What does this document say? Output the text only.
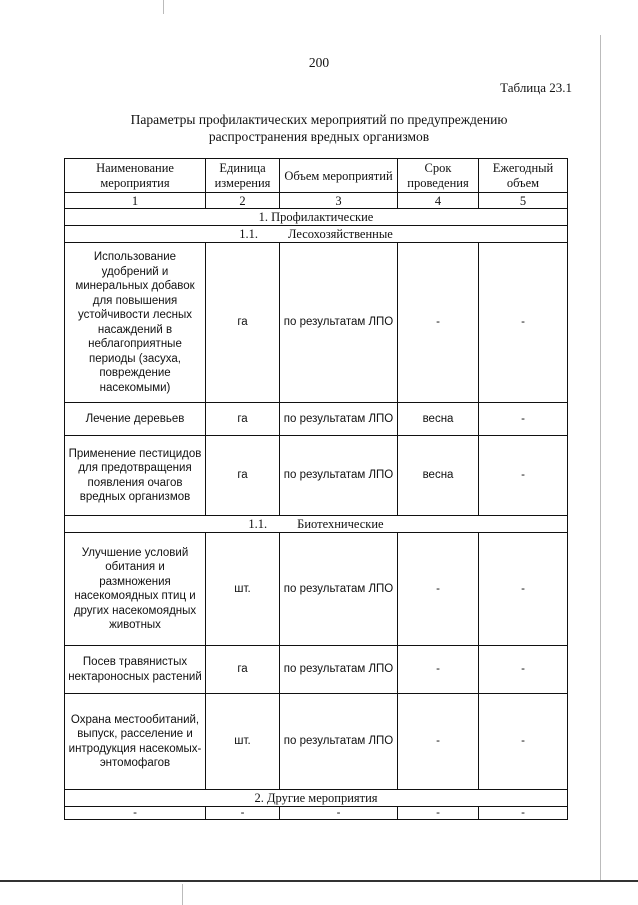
200
Таблица 23.1
Параметры профилактических мероприятий по предупреждению
распространения вредных организмов
Наименование мероприятия	Единица измерения	Объем мероприятий	Срок проведения	Ежегодный объем
1	2	3	4	5
1. Профилактические				
1.1. Лесохозяйственные				
Использование удобрений и минеральных добавок для повышения устойчивости лесных насаждений в неблагоприятные периоды (засуха, повреждение насекомыми)	га	по результатам ЛПО	-	-
Лечение деревьев	га	по результатам ЛПО	весна	-
Применение пестицидов для предотвращения появления очагов вредных организмов	га	по результатам ЛПО	весна	-
1.1. Биотехнические				
Улучшение условий обитания и размножения насекомоядных птиц и других насекомоядных животных	шт.	по результатам ЛПО	-	-
Посев травянистых нектароносных растений	га	по результатам ЛПО	-	-
Охрана местообитаний, выпуск, расселение и интродукция насекомых-энтомофагов	шт.	по результатам ЛПО	-	-
2. Другие мероприятия				
-	-	-	-	-
